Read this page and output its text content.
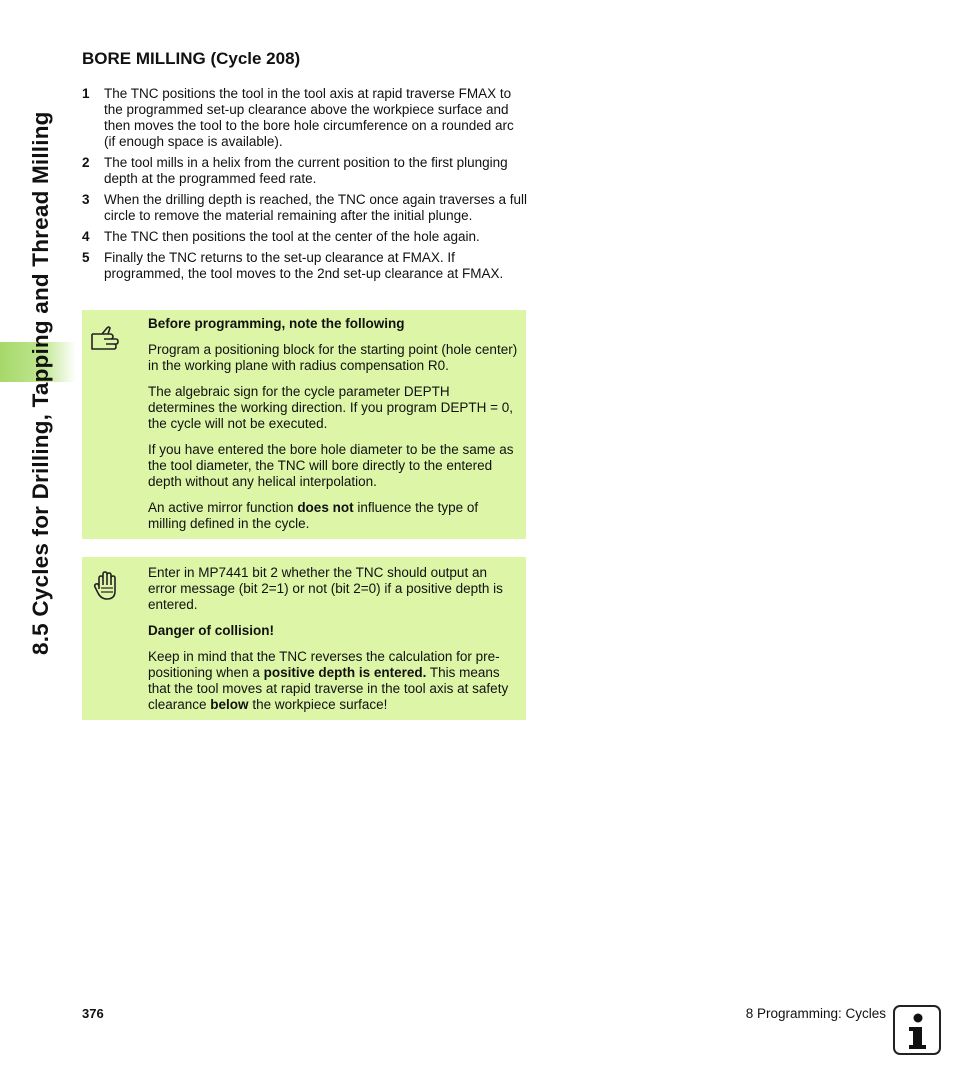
8.5 Cycles for Drilling, Tapping and Thread Milling
BORE MILLING (Cycle 208)
1 The TNC positions the tool in the tool axis at rapid traverse FMAX to the programmed set-up clearance above the workpiece surface and then moves the tool to the bore hole circumference on a rounded arc (if enough space is available).
2 The tool mills in a helix from the current position to the first plunging depth at the programmed feed rate.
3 When the drilling depth is reached, the TNC once again traverses a full circle to remove the material remaining after the initial plunge.
4 The TNC then positions the tool at the center of the hole again.
5 Finally the TNC returns to the set-up clearance at FMAX. If programmed, the tool moves to the 2nd set-up clearance at FMAX.

Before programming, note the following

Program a positioning block for the starting point (hole center) in the working plane with radius compensation R0.

The algebraic sign for the cycle parameter DEPTH determines the working direction. If you program DEPTH = 0, the cycle will not be executed.

If you have entered the bore hole diameter to be the same as the tool diameter, the TNC will bore directly to the entered depth without any helical interpolation.

An active mirror function does not influence the type of milling defined in the cycle.

Enter in MP7441 bit 2 whether the TNC should output an error message (bit 2=1) or not (bit 2=0) if a positive depth is entered.

Danger of collision!

Keep in mind that the TNC reverses the calculation for pre-positioning when a positive depth is entered. This means that the tool moves at rapid traverse in the tool axis at safety clearance below the workpiece surface!

376	8 Programming: Cycles
